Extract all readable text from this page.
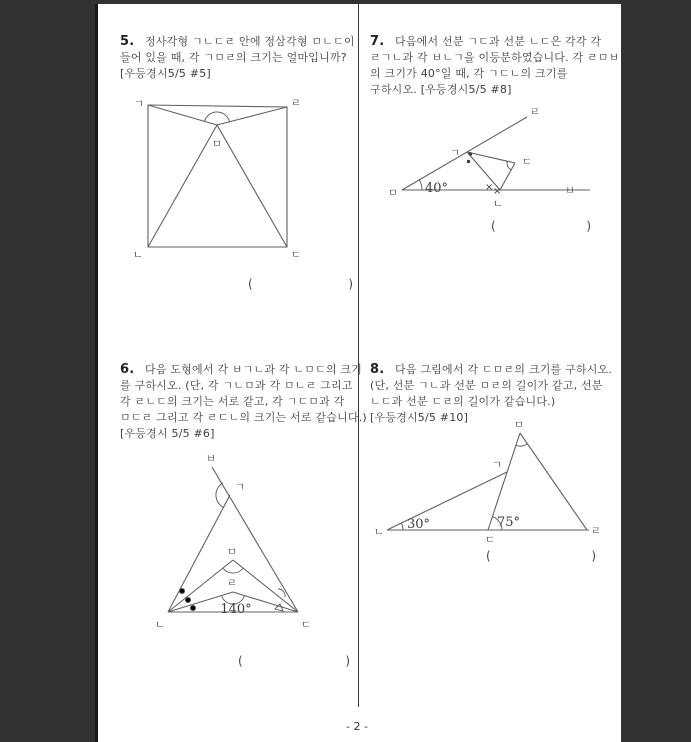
5. 정사각형 ㄱㄴㄷㄹ 안에 정삼각형 ㅁㄴㄷ이
들어 있을 때, 각 ㄱㅁㄹ의 크기는 얼마입니까?
[우등경시5/5 #5]
7. 다음에서 선분 ㄱㄷ과 선분 ㄴㄷ은 각각 각
ㄹㄱㄴ과 각 ㅂㄴㄱ을 이등분하였습니다. 각 ㄹㅁㅂ
의 크기가 40°일 때, 각 ㄱㄷㄴ의 크기를
구하시오. [우등경시5/5 #8]
6. 다음 도형에서 각 ㅂㄱㄴ과 각 ㄴㅁㄷ의 크기
를 구하시오. (단, 각 ㄱㄴㅁ과 각 ㅁㄴㄹ 그리고
각 ㄹㄴㄷ의 크기는 서로 같고, 각 ㄱㄷㅁ과 각
ㅁㄷㄹ 그리고 각 ㄹㄷㄴ의 크기는 서로 같습니다.)
[우등경시 5/5 #6]
8. 다음 그림에서 각 ㄷㅁㄹ의 크기를 구하시오.
(단, 선분 ㄱㄴ과 선분 ㅁㄹ의 길이가 같고, 선분
ㄴㄷ과 선분 ㄷㄹ의 길이가 같습니다.)
[우등경시5/5 #10]
ㄱ	ㄹ
ㄴ	ㄷ
ㅁ
× ×
40°
ㅁ	ㅂ
ㄹ
ㄱ
ㄴ
ㄷ
140°
ㅂ
ㄱ
ㅁ
ㄹ
ㄴ	ㄷ
30°	75°
ㅁ
ㄱ
ㄴ
ㄷ
ㄹ
(	)
(	)
(	)
(	)
- 2 -
